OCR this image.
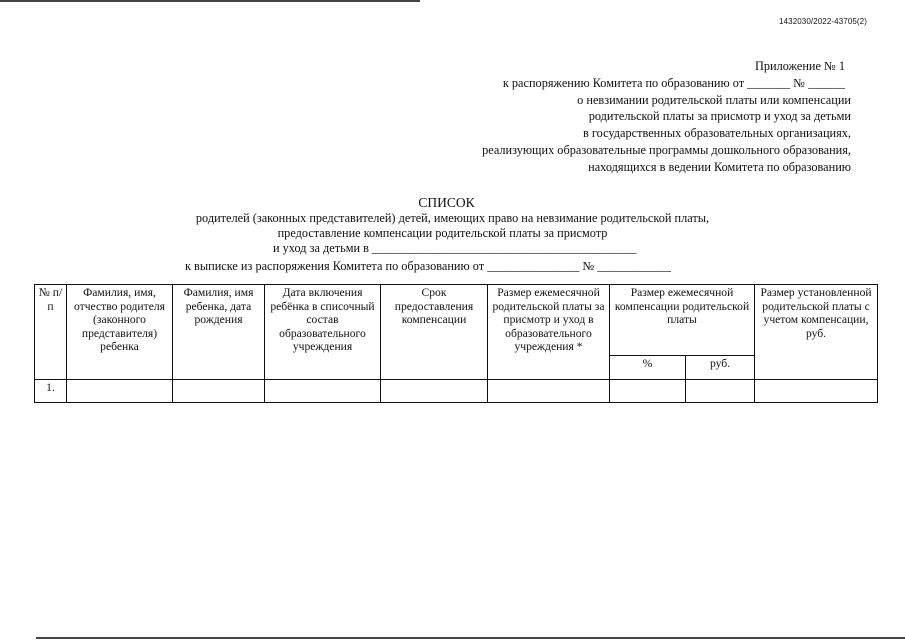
1432030/2022-43705(2)
Приложение № 1
к распоряжению Комитета по образованию от _______ № ______
о невзимании родительской платы или компенсации
родительской платы за присмотр и уход за детьми
в государственных образовательных организациях,
реализующих образовательные программы дошкольного образования,
находящихся в ведении Комитета по образованию
СПИСОК
родителей (законных представителей) детей, имеющих право на невзимание родительской платы,
предоставление компенсации родительской платы за присмотр
и уход за детьми в ___________________________________________
к выписке из распоряжения Комитета по образованию от _______________ № ____________
№ п/п	Фамилия, имя, отчество родителя (законного представителя) ребенка	Фамилия, имя ребенка, дата рождения	Дата включения ребёнка в списочный состав образовательного учреждения	Срок предоставления компенсации	Размер ежемесячной родительской платы за присмотр и уход в образовательного учреждения *	Размер ежемесячной компенсации родительской платы		Размер установленной родительской платы с учетом компенсации, руб.
						%	руб.	
1.								
